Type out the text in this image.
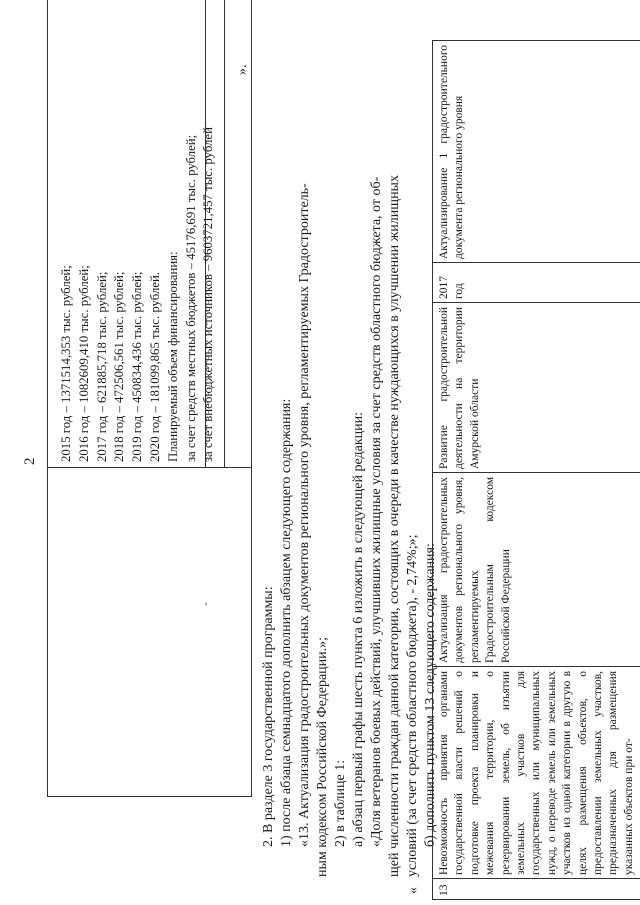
2 2015 год – 1371514,353 тыс. рублей; 2016 год – 1082609,410 тыс. рублей; 2017 год – 621885,718 тыс. рублей; 2018 год – 472506,561 тыс. рублей; 2019 год – 450834,436 тыс. рублей; 2020 год – 181099,865 тыс. рублей. Планируемый объем финансирования: за счет средств местных бюджетов – 45176,691 тыс. рублей; за счет внебюджетных источников – 9603721,457 тыс. рублей
-
».

2. В разделе 3 государственной программы: 1) после абзаца семнадцатого дополнить абзацем следующего содержания: «13. Актуализация градостроительных документов регионального уровня, регламентируемых Градостроитель- ным кодексом Российской Федерации.»; 2) в таблице 1: а) абзац первый графы шесть пункта 6 изложить в следующей редакции: «Доля ветеранов боевых действий, улучшивших жилищные условия за счет средств областного бюджета, от об- щей численности граждан данной категории, состоящих в очереди в качестве нуждающихся в улучшении жилищных условий (за счет средств областного бюджета), - 2,74%;»; б) дополнить пунктом 13 следующего содержания:

« 13
Невозможность принятия органами государственной власти решений о подготовке проекта планировки и межевания территории, о резервировании земель, об изъятии земельных участков для государственных или муниципальных нужд, о переводе земель или земельных участков из одной категории в другую в целях размещения объектов, о предоставлении земельных участков, предназначенных для размещения указанных объектов при от-
Актуализация градостроительных документов регионального уровня, регламентируемых Градостроительным кодексом Российской Федерации
Развитие градостроительной деятельности на территории Амурской области
2017 год
Актуализирование 1 градостроительного документа регионального уровня
